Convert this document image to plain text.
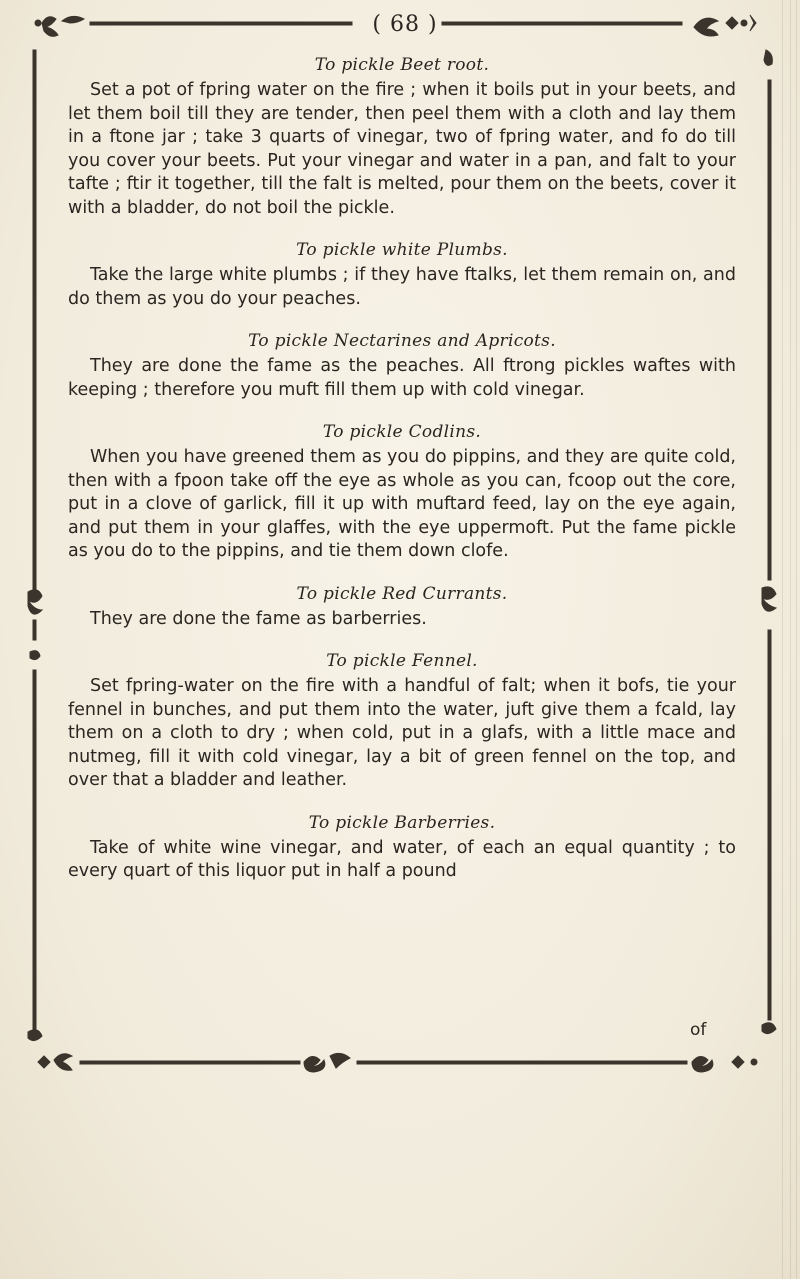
( 68 )

To pickle Beet root.

Set a pot of fpring water on the fire ; when it boils put in your beets, and let them boil till they are tender, then peel them with a cloth and lay them in a ftone jar ; take 3 quarts of vinegar, two of fpring water, and fo do till you cover your beets. Put your vinegar and water in a pan, and falt to your tafte ; ftir it together, till the falt is melted, pour them on the beets, cover it with a bladder, do not boil the pickle.

To pickle white Plumbs.

Take the large white plumbs ; if they have ftalks, let them remain on, and do them as you do your peaches.

To pickle Nectarines and Apricots.

They are done the fame as the peaches. All ftrong pickles waftes with keeping ; therefore you muft fill them up with cold vinegar.

To pickle Codlins.

When you have greened them as you do pippins, and they are quite cold, then with a fpoon take off the eye as whole as you can, fcoop out the core, put in a clove of garlick, fill it up with muftard feed, lay on the eye again, and put them in your glaffes, with the eye uppermoft. Put the fame pickle as you do to the pippins, and tie them down clofe.

To pickle Red Currants.

They are done the fame as barberries.

To pickle Fennel.

Set fpring-water on the fire with a handful of falt; when it bofs, tie your fennel in bunches, and put them into the water, juft give them a fcald, lay them on a cloth to dry ; when cold, put in a glafs, with a little mace and nutmeg, fill it with cold vinegar, lay a bit of green fennel on the top, and over that a bladder and leather.

To pickle Barberries.

Take of white wine vinegar, and water, of each an equal quantity ; to every quart of this liquor put in half a pound

of
